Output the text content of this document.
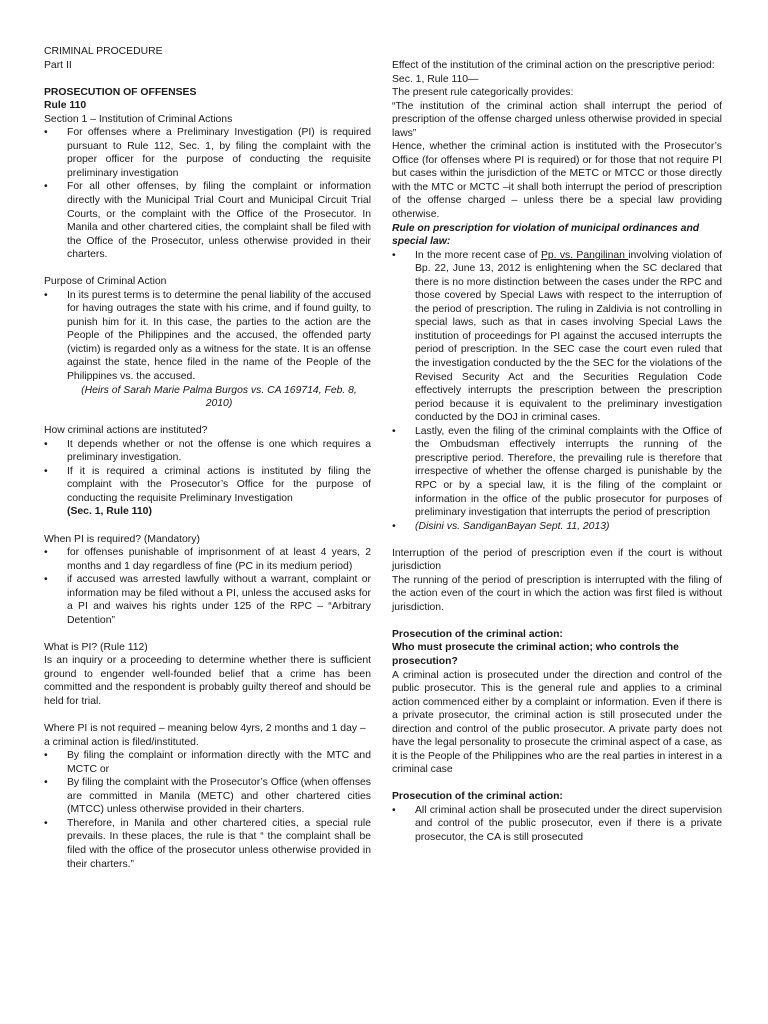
CRIMINAL PROCEDURE

Part II

PROSECUTION OF OFFENSES

Rule 110

Section 1 – Institution of Criminal Actions

• For offenses where a Preliminary Investigation (PI) is required pursuant to Rule 112, Sec. 1, by filing the complaint with the proper officer for the purpose of conducting the requisite preliminary investigation
• For all other offenses, by filing the complaint or information directly with the Municipal Trial Court and Municipal Circuit Trial Courts, or the complaint with the Office of the Prosecutor. In Manila and other chartered cities, the complaint shall be filed with the Office of the Prosecutor, unless otherwise provided in their charters.

Purpose of Criminal Action

• In its purest terms is to determine the penal liability of the accused for having outrages the state with his crime, and if found guilty, to punish him for it. In this case, the parties to the action are the People of the Philippines and the accused, the offended party (victim) is regarded only as a witness for the state. It is an offense against the state, hence filed in the name of the People of the Philippines vs. the accused.

(Heirs of Sarah Marie Palma Burgos vs. CA 169714, Feb. 8, 2010)

How criminal actions are instituted?

• It depends whether or not the offense is one which requires a preliminary investigation.
• If it is required a criminal actions is instituted by filing the complaint with the Prosecutor’s Office for the purpose of conducting the requisite Preliminary Investigation

(Sec. 1, Rule 110)

When PI is required? (Mandatory)

• for offenses punishable of imprisonment of at least 4 years, 2 months and 1 day regardless of fine (PC in its medium period)
• if accused was arrested lawfully without a warrant, complaint or information may be filed without a PI, unless the accused asks for a PI and waives his rights under 125 of the RPC – “Arbitrary Detention”

What is PI? (Rule 112)

Is an inquiry or a proceeding to determine whether there is sufficient ground to engender well-founded belief that a crime has been committed and the respondent is probably guilty thereof and should be held for trial.

Where PI is not required – meaning below 4yrs, 2 months and 1 day – a criminal action is filed/instituted.

• By filing the complaint or information directly with the MTC and MCTC or
• By filing the complaint with the Prosecutor’s Office (when offenses are committed in Manila (METC) and other chartered cities (MTCC) unless otherwise provided in their charters.
• Therefore, in Manila and other chartered cities, a special rule prevails. In these places, the rule is that “ the complaint shall be filed with the office of the prosecutor unless otherwise provided in their charters.”

Effect of the institution of the criminal action on the prescriptive period:

Sec. 1, Rule 110—

The present rule categorically provides:

“The institution of the criminal action shall interrupt the period of prescription of the offense charged unless otherwise provided in special laws”

Hence, whether the criminal action is instituted with the Prosecutor’s Office (for offenses where PI is required) or for those that not require PI but cases within the jurisdiction of the METC or MTCC or those directly with the MTC or MCTC –it shall both interrupt the period of prescription of the offense charged – unless there be a special law providing otherwise.

Rule on prescription for violation of municipal ordinances and special law:

• In the more recent case of Pp. vs. Pangilinan involving violation of Bp. 22, June 13, 2012 is enlightening when the SC declared that there is no more distinction between the cases under the RPC and those covered by Special Laws with respect to the interruption of the period of prescription. The ruling in Zaldivia is not controlling in special laws, such as that in cases involving Special Laws the institution of proceedings for PI against the accused interrupts the period of prescription. In the SEC case the court even ruled that the investigation conducted by the the SEC for the violations of the Revised Security Act and the Securities Regulation Code effectively interrupts the prescription between the prescription period because it is equivalent to the preliminary investigation conducted by the DOJ in criminal cases.
• Lastly, even the filing of the criminal complaints with the Office of the Ombudsman effectively interrupts the running of the prescriptive period. Therefore, the prevailing rule is therefore that irrespective of whether the offense charged is punishable by the RPC or by a special law, it is the filing of the complaint or information in the office of the public prosecutor for purposes of preliminary investigation that interrupts the period of prescription
• (Disini vs. SandiganBayan Sept. 11, 2013)

Interruption of the period of prescription even if the court is without jurisdiction

The running of the period of prescription is interrupted with the filing of the action even of the court in which the action was first filed is without jurisdiction.

Prosecution of the criminal action:

Who must prosecute the criminal action; who controls the prosecution?

A criminal action is prosecuted under the direction and control of the public prosecutor. This is the general rule and applies to a criminal action commenced either by a complaint or information. Even if there is a private prosecutor, the criminal action is still prosecuted under the direction and control of the public prosecutor. A private party does not have the legal personality to prosecute the criminal aspect of a case, as it is the People of the Philippines who are the real parties in interest in a criminal case

Prosecution of the criminal action:

• All criminal action shall be prosecuted under the direct supervision and control of the public prosecutor, even if there is a private prosecutor, the CA is still prosecuted
